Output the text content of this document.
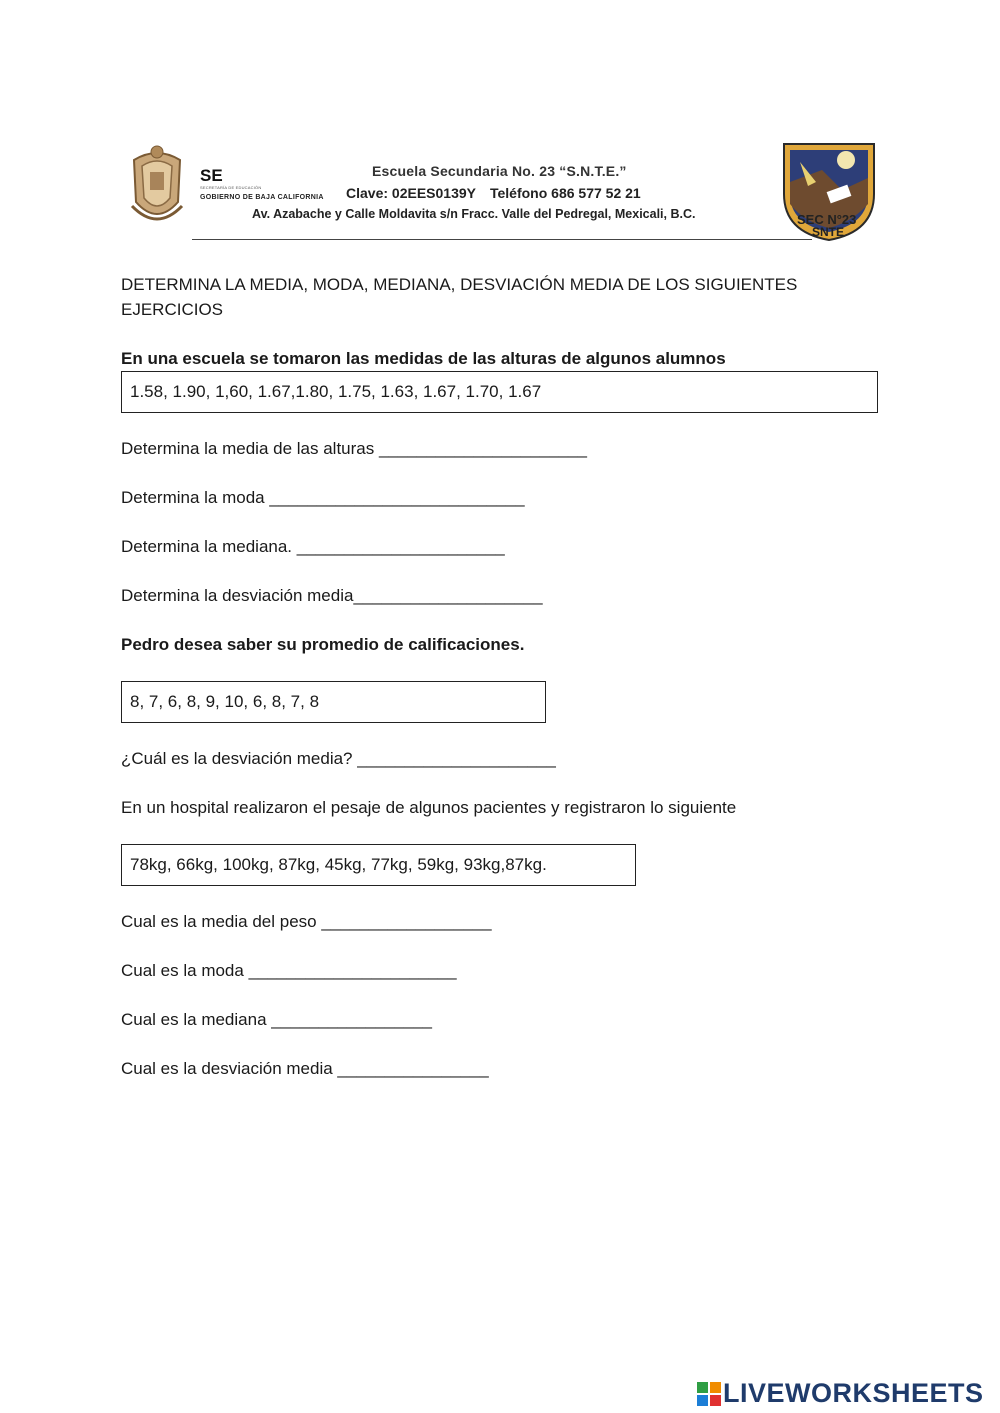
SE
SECRETARÍA DE EDUCACIÓN
GOBIERNO DE BAJA CALIFORNIA
Escuela Secundaria No. 23 “S.N.T.E.”
Clave: 02EES0139Y Teléfono 686 577 52 21
Av. Azabache y Calle Moldavita s/n Fracc. Valle del Pedregal, Mexicali, B.C.	SEC N°23
SNTE
DETERMINA LA MEDIA, MODA, MEDIANA, DESVIACIÓN MEDIA DE LOS SIGUIENTES
EJERCICIOS
En una escuela se tomaron las medidas de las alturas de algunos alumnos
1.58, 1.90, 1,60, 1.67,1.80, 1.75, 1.63, 1.67, 1.70, 1.67
Determina la media de las alturas ______________________
Determina la moda ___________________________
Determina la mediana. ______________________
Determina la desviación media____________________
Pedro desea saber su promedio de calificaciones.
8, 7, 6, 8, 9, 10, 6, 8, 7, 8
¿Cuál es la desviación media? _____________________
En un hospital realizaron el pesaje de algunos pacientes y registraron lo siguiente
78kg, 66kg, 100kg, 87kg, 45kg, 77kg, 59kg, 93kg,87kg.
Cual es la media del peso __________________
Cual es la moda ______________________
Cual es la mediana _________________
Cual es la desviación media ________________
LIVEWORKSHEETS
